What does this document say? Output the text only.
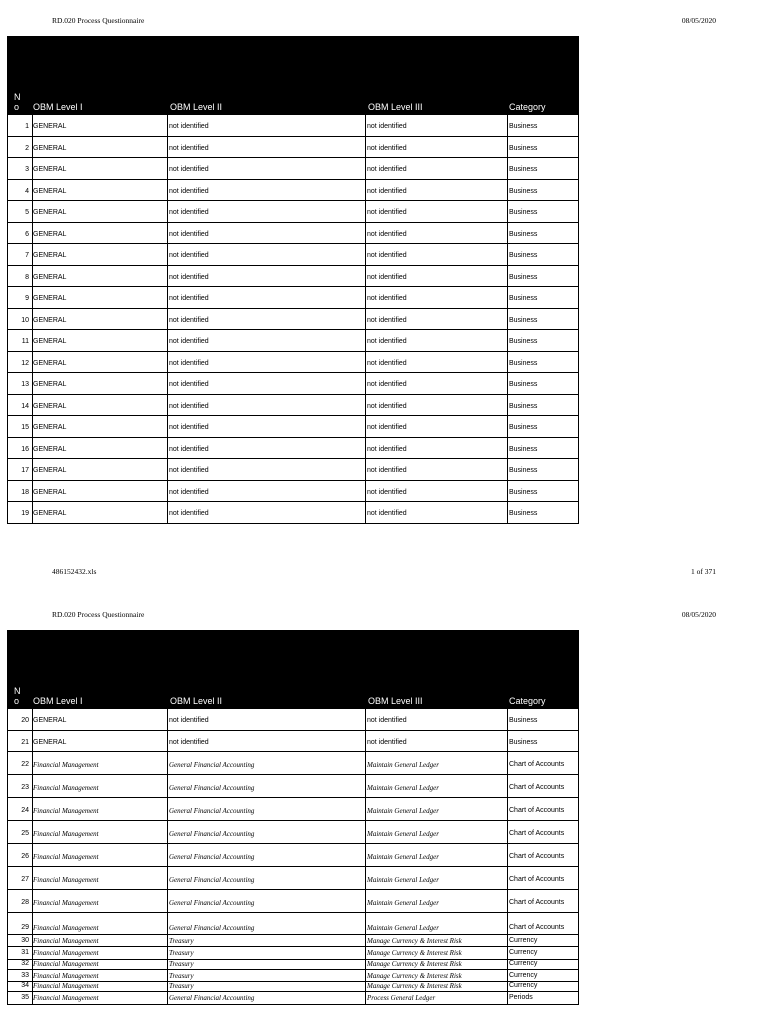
RD.020 Process Questionnaire	08/05/2020
N
o OBM Level I	OBM Level II	OBM Level III	Category
1 GENERAL	not identified	not identified	Business
2 GENERAL	not identified	not identified	Business
3 GENERAL	not identified	not identified	Business
4 GENERAL	not identified	not identified	Business
5 GENERAL	not identified	not identified	Business
6 GENERAL	not identified	not identified	Business
7 GENERAL	not identified	not identified	Business
8 GENERAL	not identified	not identified	Business
9 GENERAL	not identified	not identified	Business
10 GENERAL	not identified	not identified	Business
11 GENERAL	not identified	not identified	Business
12 GENERAL	not identified	not identified	Business
13 GENERAL	not identified	not identified	Business
14 GENERAL	not identified	not identified	Business
15 GENERAL	not identified	not identified	Business
16 GENERAL	not identified	not identified	Business
17 GENERAL	not identified	not identified	Business
18 GENERAL	not identified	not identified	Business
19 GENERAL	not identified	not identified	Business
486152432.xls	1 of 371
RD.020 Process Questionnaire	08/05/2020
N
o OBM Level I	OBM Level II	OBM Level III	Category
20 GENERAL	not identified	not identified	Business
21 GENERAL	not identified	not identified	Business
22 Financial Management	General Financial Accounting	Maintain General Ledger	Chart of Accounts
23 Financial Management	General Financial Accounting	Maintain General Ledger	Chart of Accounts
24 Financial Management	General Financial Accounting	Maintain General Ledger	Chart of Accounts
25 Financial Management	General Financial Accounting	Maintain General Ledger	Chart of Accounts
26 Financial Management	General Financial Accounting	Maintain General Ledger	Chart of Accounts
27 Financial Management	General Financial Accounting	Maintain General Ledger	Chart of Accounts
28 Financial Management	General Financial Accounting	Maintain General Ledger	Chart of Accounts
29 Financial Management	General Financial Accounting	Maintain General Ledger	Chart of Accounts
30 Financial Management	Treasury	Manage Currency & Interest Risk	Currency
31 Financial Management	Treasury	Manage Currency & Interest Risk	Currency
32 Financial Management	Treasury	Manage Currency & Interest Risk	Currency
33 Financial Management	Treasury	Manage Currency & Interest Risk	Currency
34 Financial Management	Treasury	Manage Currency & Interest Risk	Currency
35 Financial Management	General Financial Accounting	Process General Ledger	Periods
